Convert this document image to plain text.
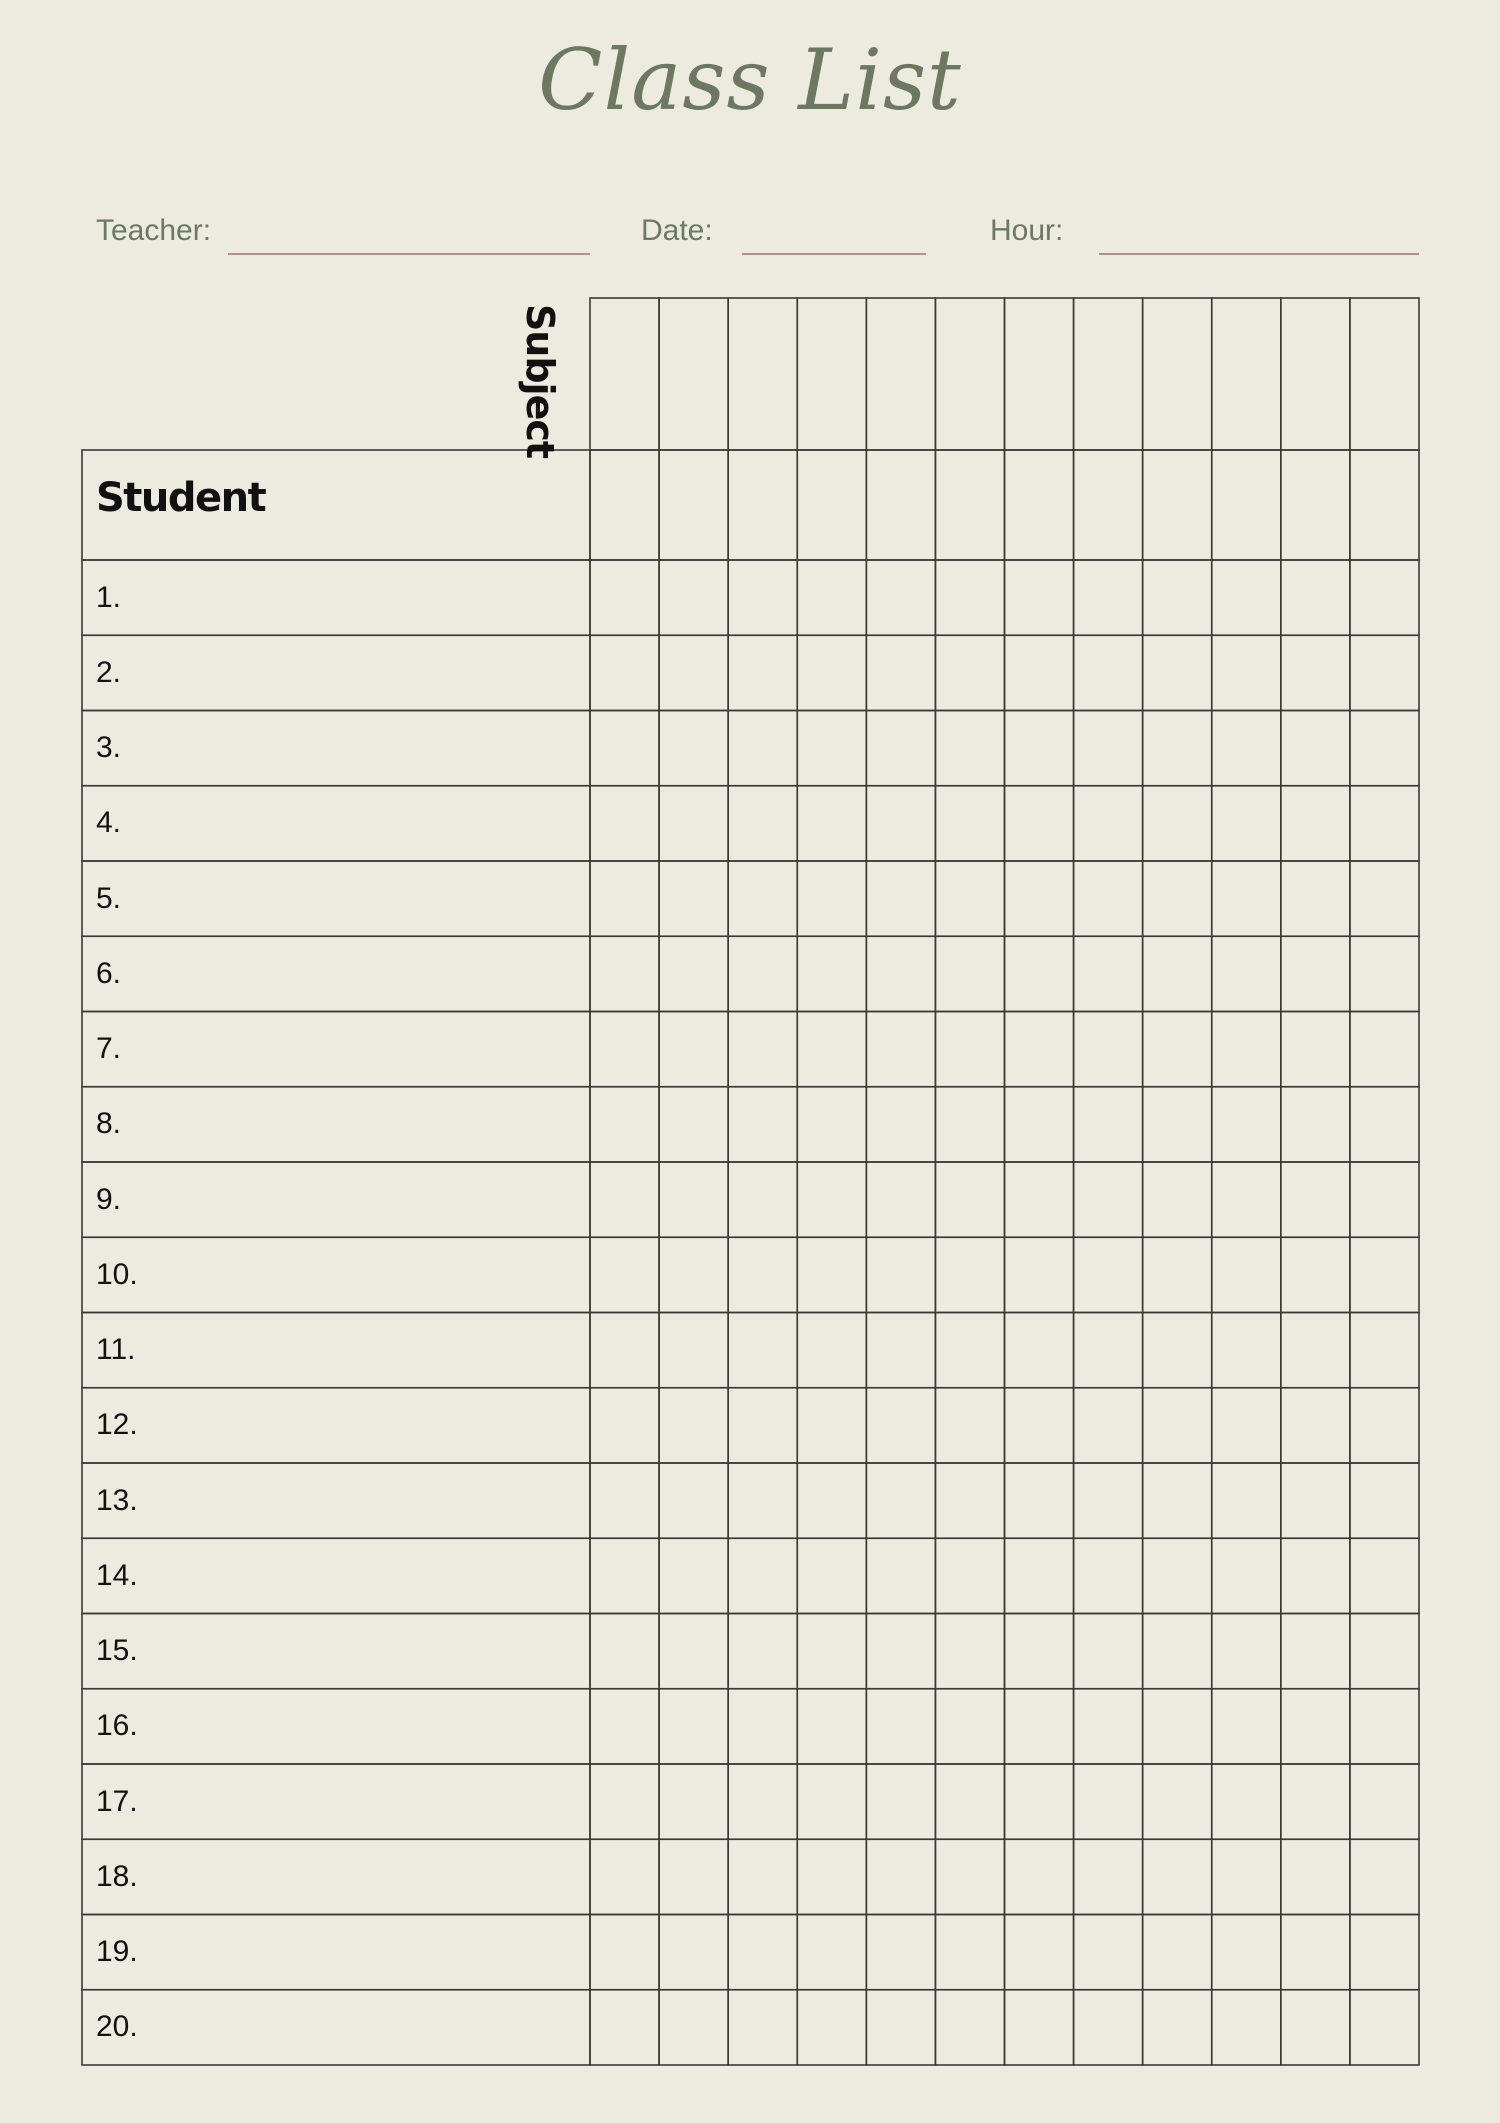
Class List
Teacher:	Date:	Hour:
Subject
Student
1.
2.
3.
4.
5.
6.
7.
8.
9.
10.
11.
12.
13.
14.
15.
16.
17.
18.
19.
20.
